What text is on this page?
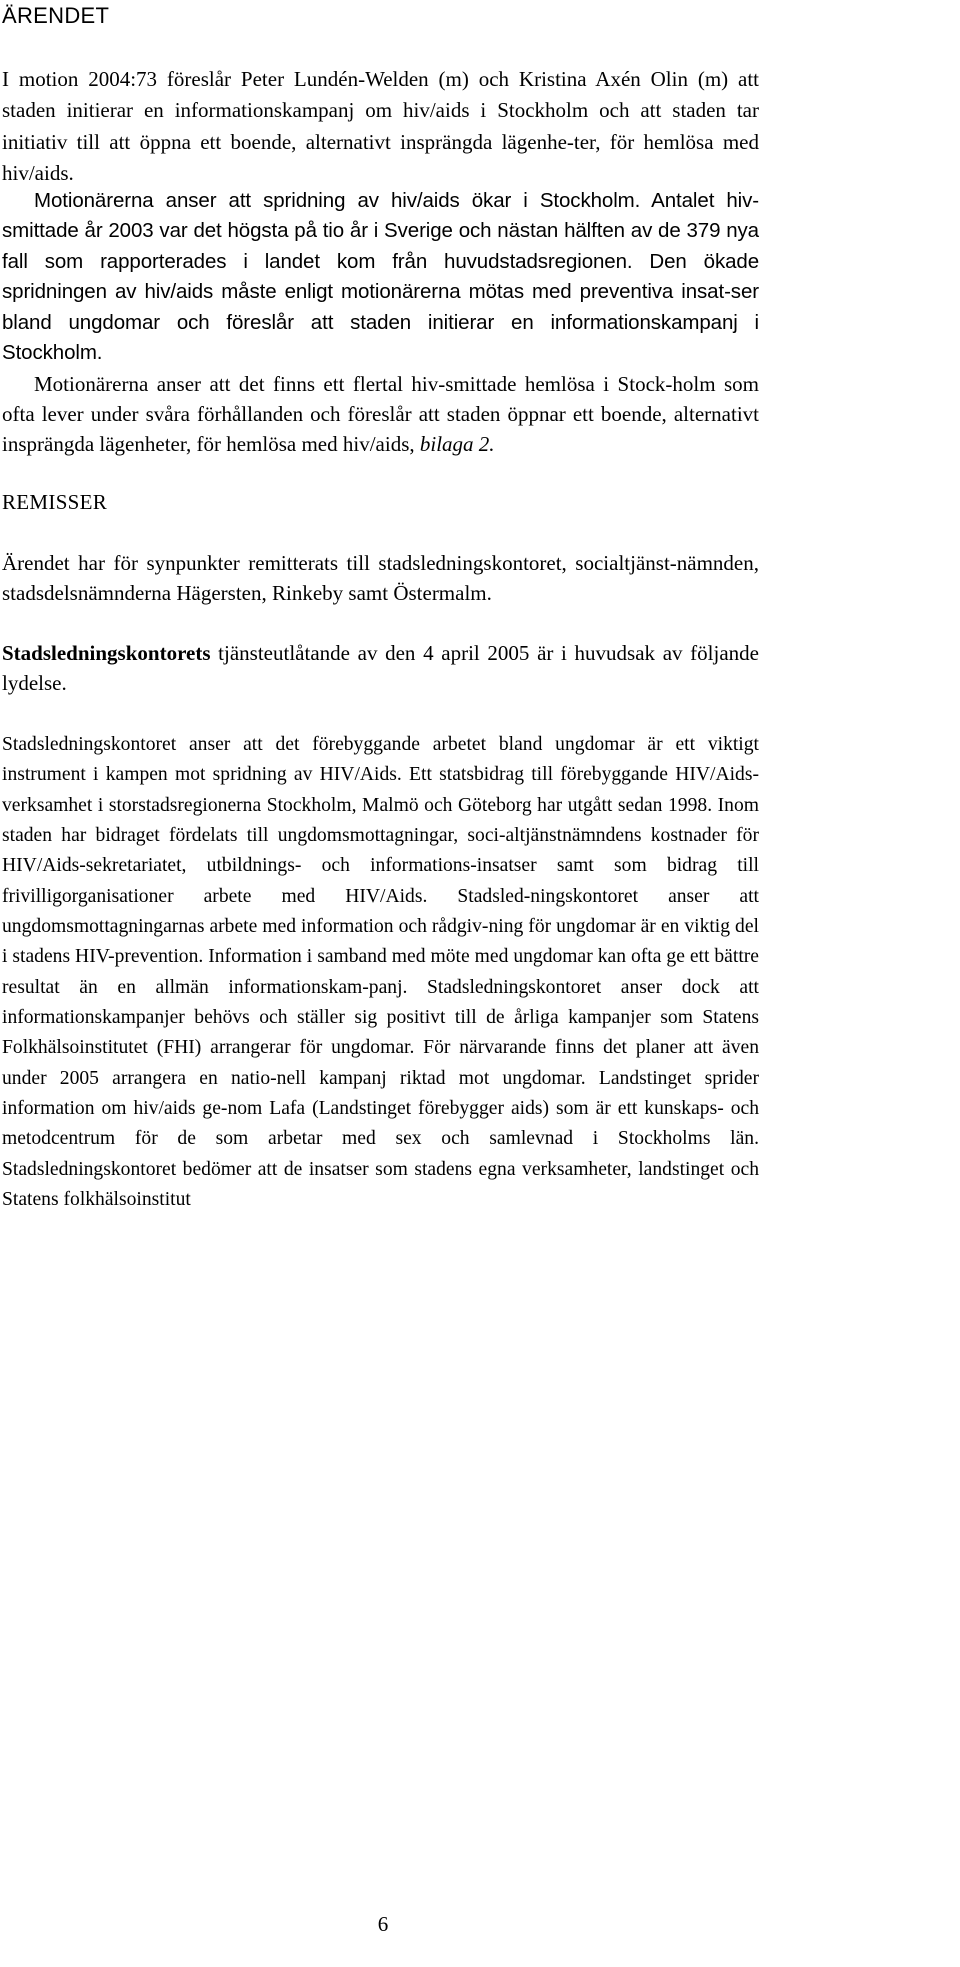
ÄRENDET

I motion 2004:73 föreslår Peter Lundén-Welden (m) och Kristina Axén Olin (m) att staden initierar en informationskampanj om hiv/aids i Stockholm och att staden tar initiativ till att öppna ett boende, alternativt insprängda lägenhe-ter, för hemlösa med hiv/aids.

Motionärerna anser att spridning av hiv/aids ökar i Stockholm. Antalet hiv-smittade år 2003 var det högsta på tio år i Sverige och nästan hälften av de 379 nya fall som rapporterades i landet kom från huvudstadsregionen. Den ökade spridningen av hiv/aids måste enligt motionärerna mötas med preventiva insat-ser bland ungdomar och föreslår att staden initierar en informationskampanj i Stockholm.

Motionärerna anser att det finns ett flertal hiv-smittade hemlösa i Stock-holm som ofta lever under svåra förhållanden och föreslår att staden öppnar ett boende, alternativt insprängda lägenheter, för hemlösa med hiv/aids, bilaga 2.

REMISSER

Ärendet har för synpunkter remitterats till stadsledningskontoret, socialtjänst-nämnden, stadsdelsnämnderna Hägersten, Rinkeby samt Östermalm.

Stadsledningskontorets tjänsteutlåtande av den 4 april 2005 är i huvudsak av följande lydelse.

Stadsledningskontoret anser att det förebyggande arbetet bland ungdomar är ett viktigt instrument i kampen mot spridning av HIV/Aids. Ett statsbidrag till förebyggande HIV/Aids-verksamhet i storstadsregionerna Stockholm, Malmö och Göteborg har utgått sedan 1998. Inom staden har bidraget fördelats till ungdomsmottagningar, soci-altjänstnämndens kostnader för HIV/Aids-sekretariatet, utbildnings- och informations-insatser samt som bidrag till frivilligorganisationer arbete med HIV/Aids. Stadsled-ningskontoret anser att ungdomsmottagningarnas arbete med information och rådgiv-ning för ungdomar är en viktig del i stadens HIV-prevention. Information i samband med möte med ungdomar kan ofta ge ett bättre resultat än en allmän informationskam-panj. Stadsledningskontoret anser dock att informationskampanjer behövs och ställer sig positivt till de årliga kampanjer som Statens Folkhälsoinstitutet (FHI) arrangerar för ungdomar. För närvarande finns det planer att även under 2005 arrangera en natio-nell kampanj riktad mot ungdomar. Landstinget sprider information om hiv/aids ge-nom Lafa (Landstinget förebygger aids) som är ett kunskaps- och metodcentrum för de som arbetar med sex och samlevnad i Stockholms län. Stadsledningskontoret bedömer att de insatser som stadens egna verksamheter, landstinget och Statens folkhälsoinstitut

6
